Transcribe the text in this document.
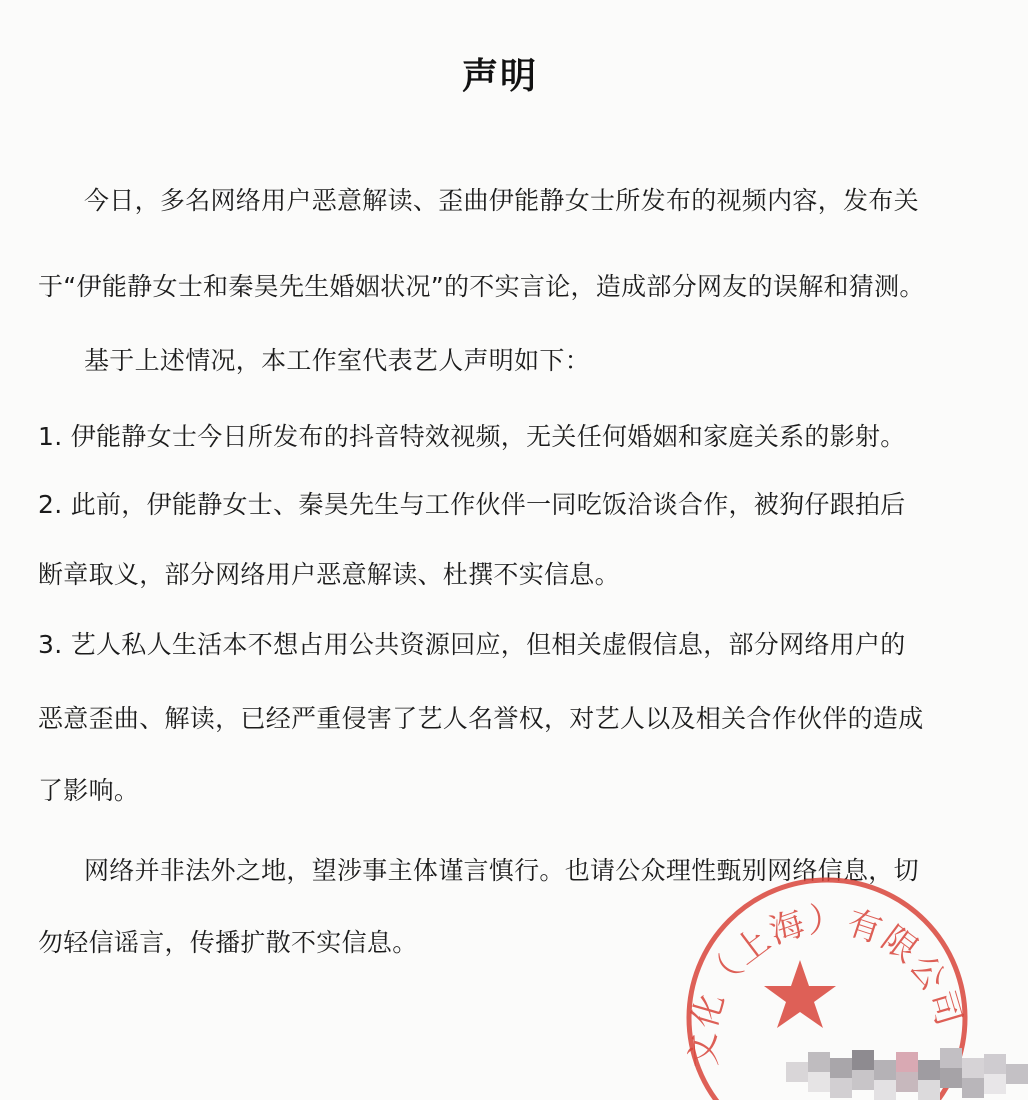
声明
今日，多名网络用户恶意解读、歪曲伊能静女士所发布的视频内容，发布关
于“伊能静女士和秦昊先生婚姻状况”的不实言论，造成部分网友的误解和猜测。
基于上述情况，本工作室代表艺人声明如下：
1. 伊能静女士今日所发布的抖音特效视频，无关任何婚姻和家庭关系的影射。
2. 此前，伊能静女士、秦昊先生与工作伙伴一同吃饭洽谈合作，被狗仔跟拍后
断章取义，部分网络用户恶意解读、杜撰不实信息。
3. 艺人私人生活本不想占用公共资源回应，但相关虚假信息，部分网络用户的
恶意歪曲、解读，已经严重侵害了艺人名誉权，对艺人以及相关合作伙伴的造成
了影响。
网络并非法外之地，望涉事主体谨言慎行。也请公众理性甄别网络信息，切
勿轻信谣言，传播扩散不实信息。
文化（上海）有限公司
